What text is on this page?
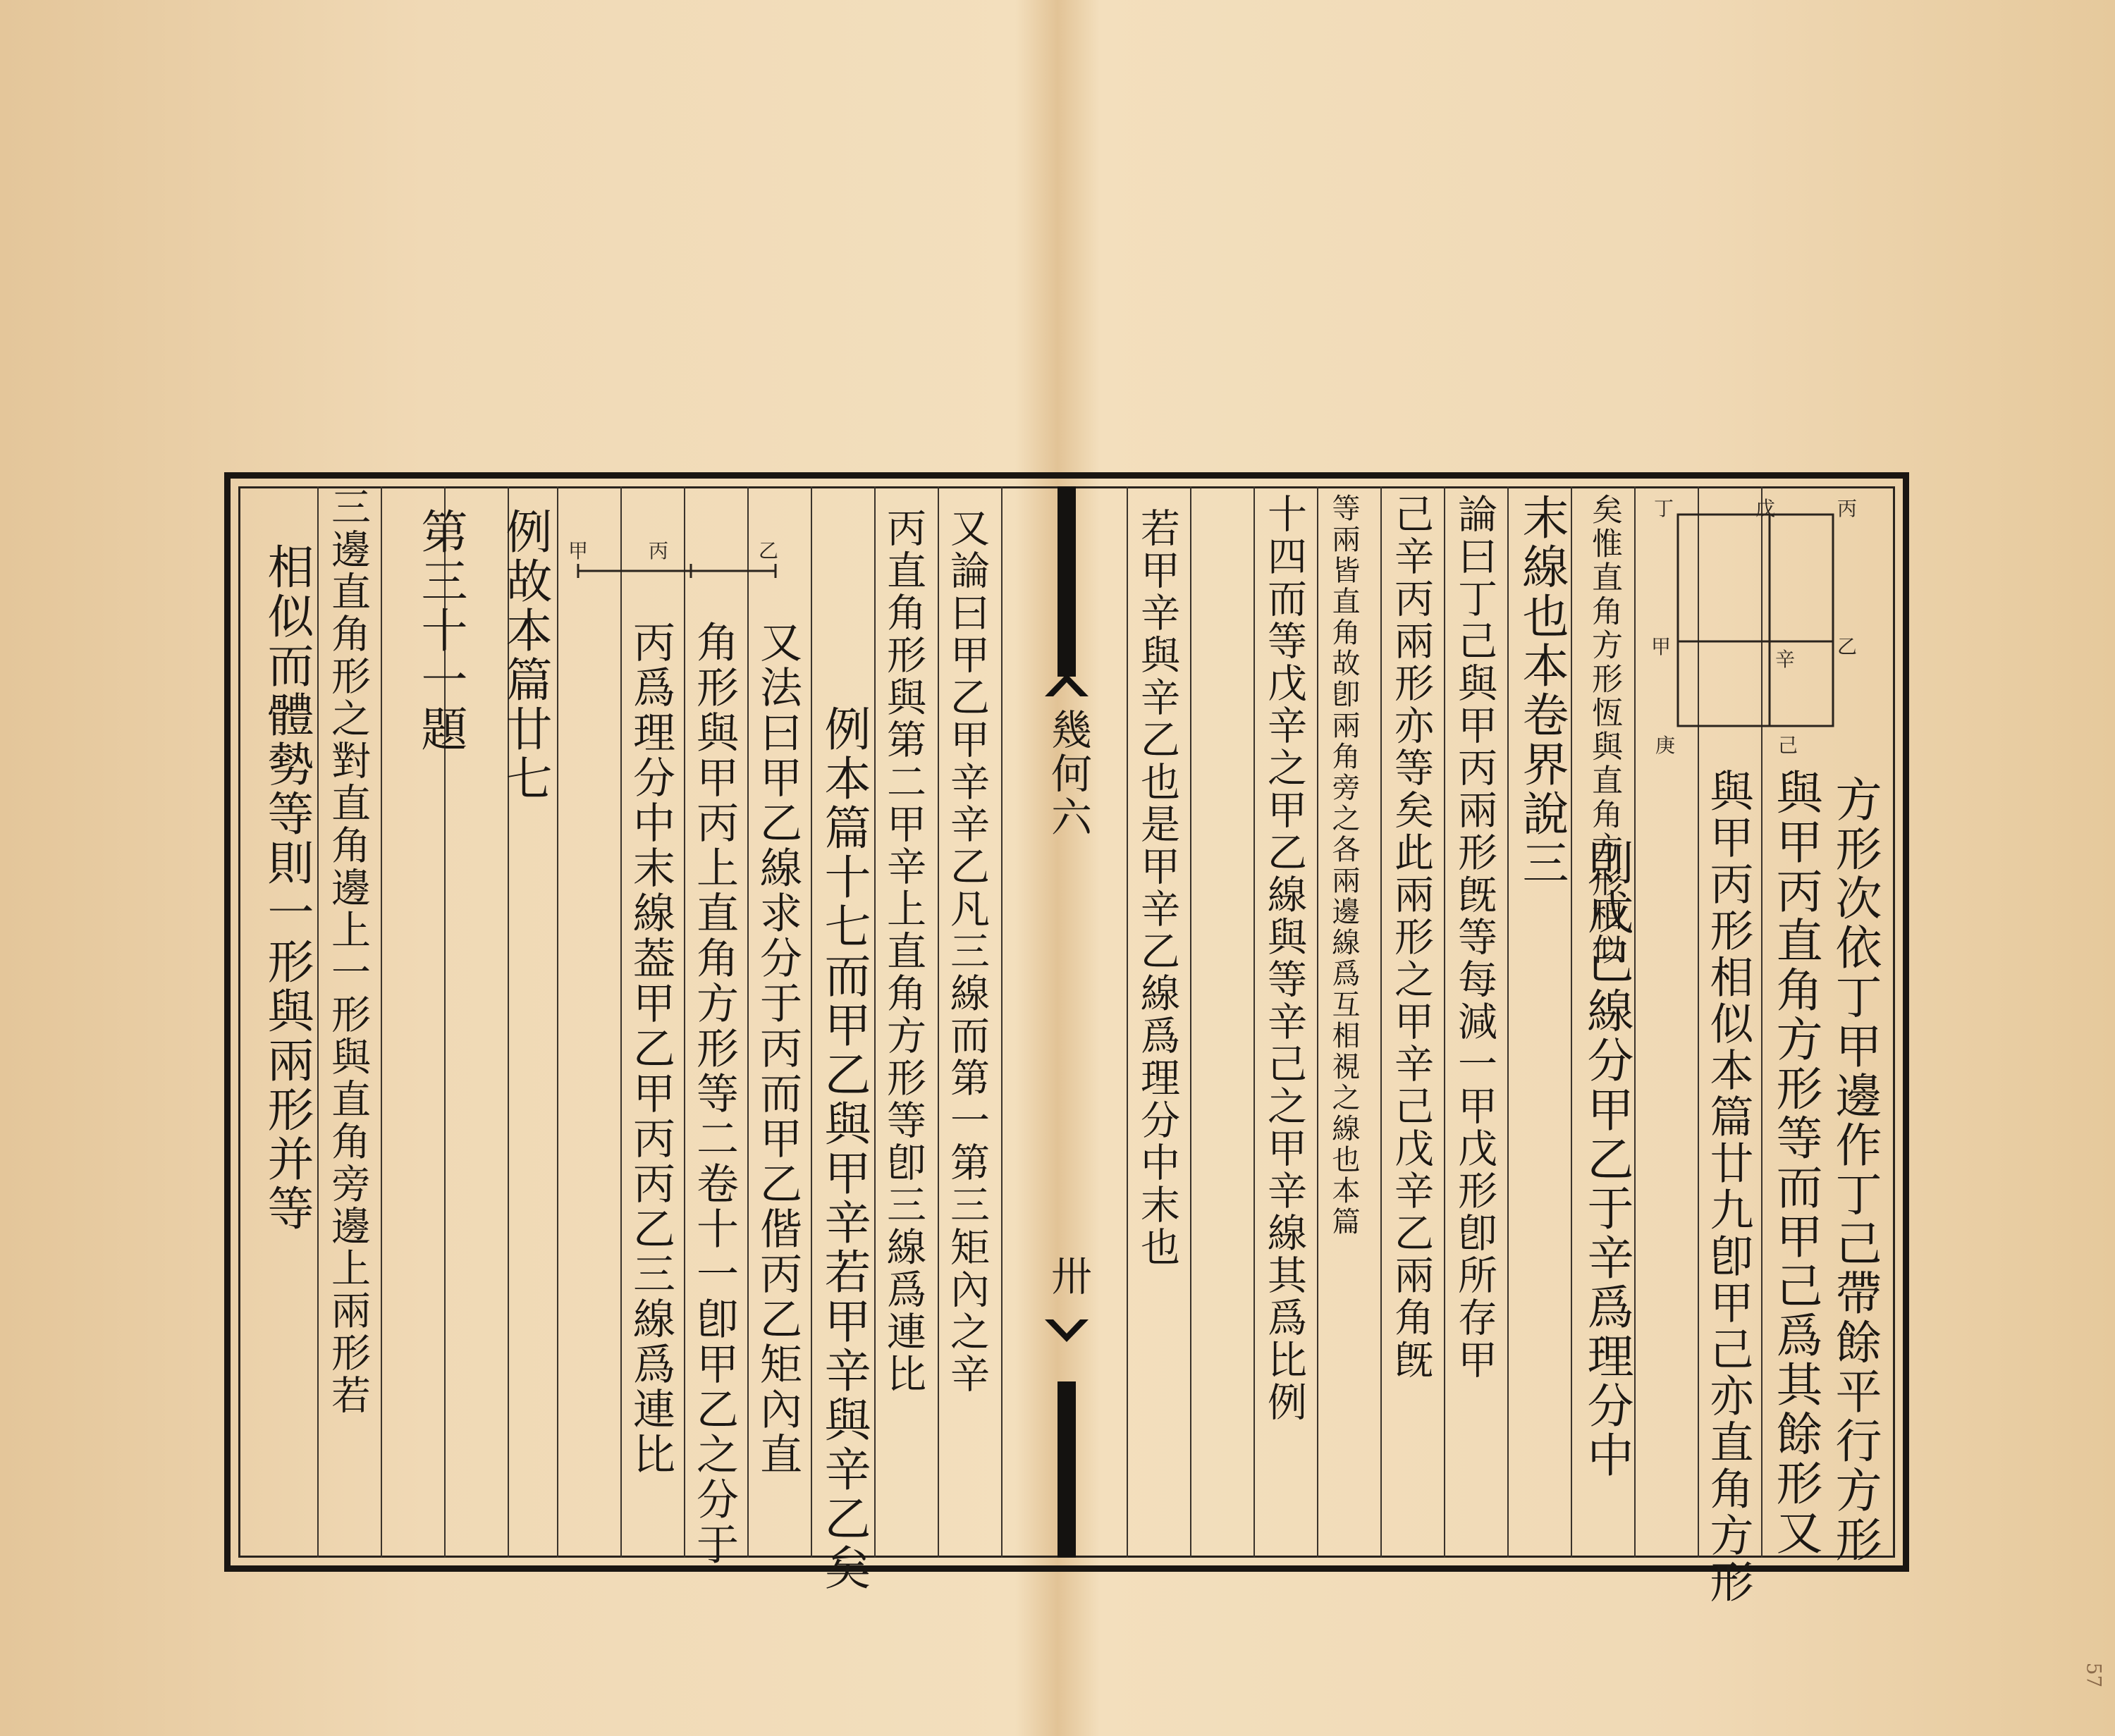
幾何六
卅
丁	戊	丙
甲
辛
乙
庚	己
方形次依丁甲邊作丁己帶餘平行方形
與甲丙直角方形等而甲己爲其餘形又
與甲丙形相似本篇廿九卽甲己亦直角方形
則戊己線分甲乙于辛爲理分中
矣惟直角方形恆與直角方形相似
末線也本卷界說三
論曰丁己與甲丙兩形旣等每減一甲戊形卽所存甲
己辛丙兩形亦等矣此兩形之甲辛己戊辛乙兩角旣
等兩皆直角故卽兩角旁之各兩邊線爲互相視之線也本篇
十四而等戊辛之甲乙線與等辛己之甲辛線其爲比例
若甲辛與辛乙也是甲辛乙線爲理分中末也
甲	丙	乙	又論曰甲乙甲辛辛乙凡三線而第一第三矩內之辛
丙直角形與第二甲辛上直角方形等卽三線爲連比
例本篇十七而甲乙與甲辛若甲辛與辛乙矣
又法曰甲乙線求分于丙而甲乙偕丙乙矩內直
角形與甲丙上直角方形等二卷十一卽甲乙之分于
丙爲理分中末線葢甲乙甲丙丙乙三線爲連比
例故本篇廿七
第三十一題
三邊直角形之對直角邊上一形與直角旁邊上兩形若
相似而體勢等則一形與兩形并等
57
